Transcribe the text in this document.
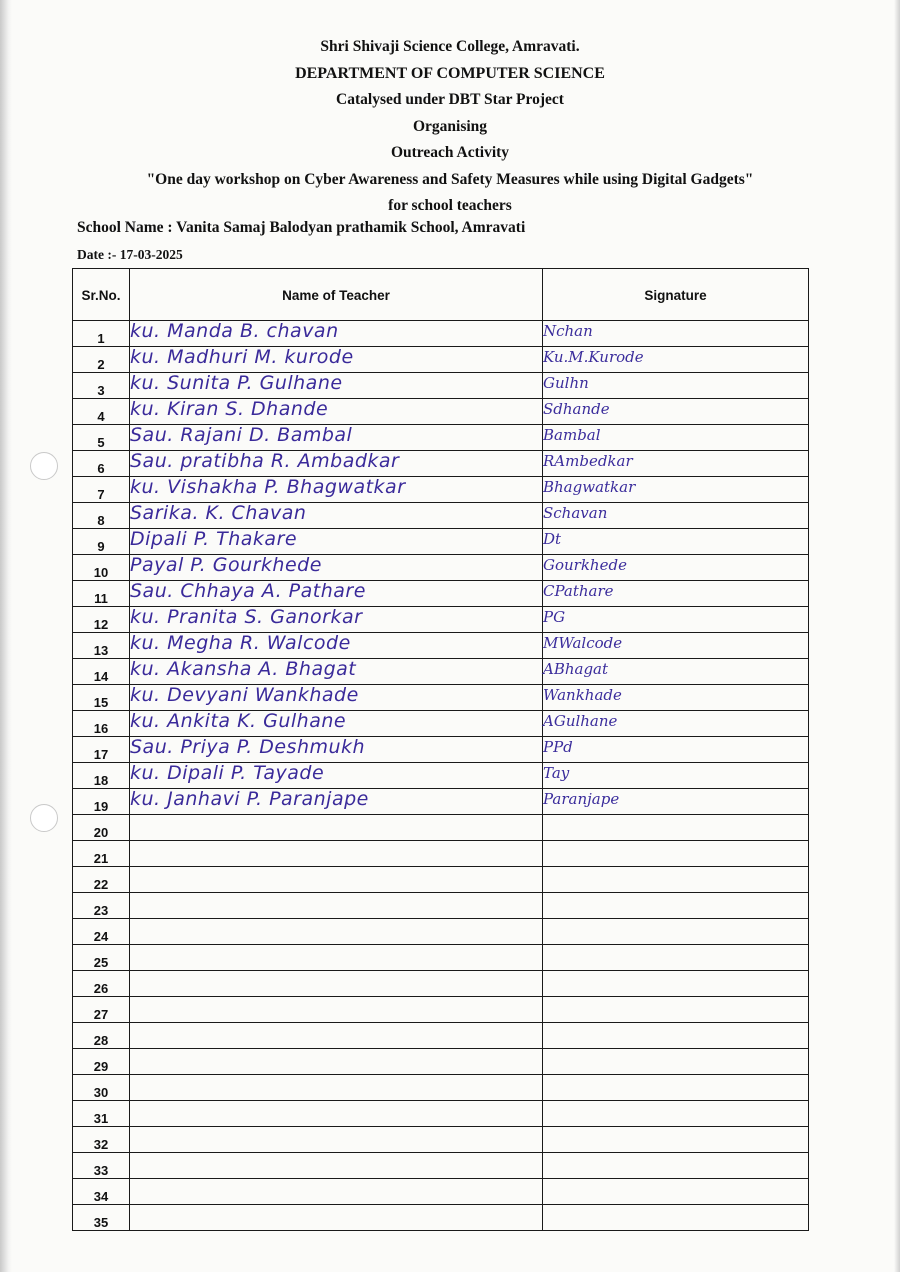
Shri Shivaji Science College, Amravati.
DEPARTMENT OF COMPUTER SCIENCE
Catalysed under DBT Star Project
Organising
Outreach Activity
"One day workshop on Cyber Awareness and Safety Measures while using Digital Gadgets"
for school teachers
School Name : Vanita Samaj Balodyan prathamik School, Amravati
Date :- 17-03-2025
Sr.No.	Name of Teacher	Signature
1	ku. Manda B. chavan	Nchan
2	ku. Madhuri M. kurode	Ku.M.Kurode
3	ku. Sunita P. Gulhane	Gulhn
4	ku. Kiran S. Dhande	Sdhande
5	Sau. Rajani D. Bambal	Bambal
6	Sau. pratibha R. Ambadkar	RAmbedkar
7	ku. Vishakha P. Bhagwatkar	Bhagwatkar
8	Sarika. K. Chavan	Schavan
9	Dipali P. Thakare	Dt
10	Payal P. Gourkhede	Gourkhede
11	Sau. Chhaya A. Pathare	CPathare
12	ku. Pranita S. Ganorkar	PG
13	ku. Megha R. Walcode	MWalcode
14	ku. Akansha A. Bhagat	ABhagat
15	ku. Devyani Wankhade	Wankhade
16	ku. Ankita K. Gulhane	AGulhane
17	Sau. Priya P. Deshmukh	PPd
18	ku. Dipali P. Tayade	Tay
19	ku. Janhavi P. Paranjape	Paranjape
20		
21		
22		
23		
24		
25		
26		
27		
28		
29		
30		
31		
32		
33		
34		
35		
